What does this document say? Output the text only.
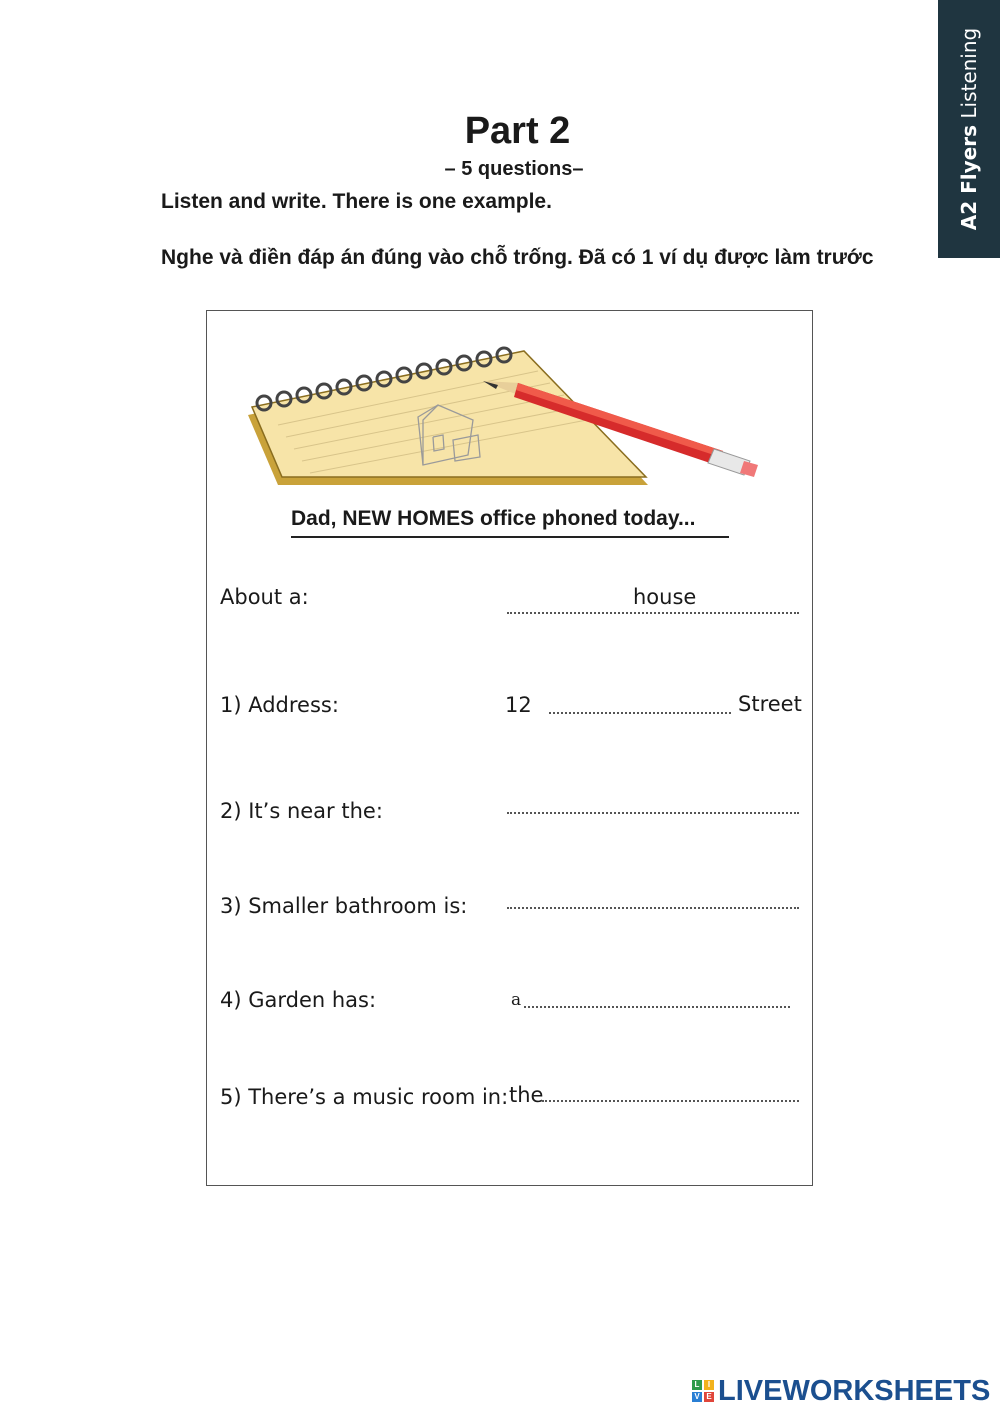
A2 Flyers Listening
Part 2
– 5 questions–
Listen and write. There is one example.
Nghe và điền đáp án đúng vào chỗ trống. Đã có 1 ví dụ được làm trước
Dad, NEW HOMES office phoned today...
About a:	house
1) Address:	12	Street
2) It’s near the:
3) Smaller bathroom is:
4) Garden has:	a
5) There’s a music room in: the
L	I
V E LIVEWORKSHEETS
